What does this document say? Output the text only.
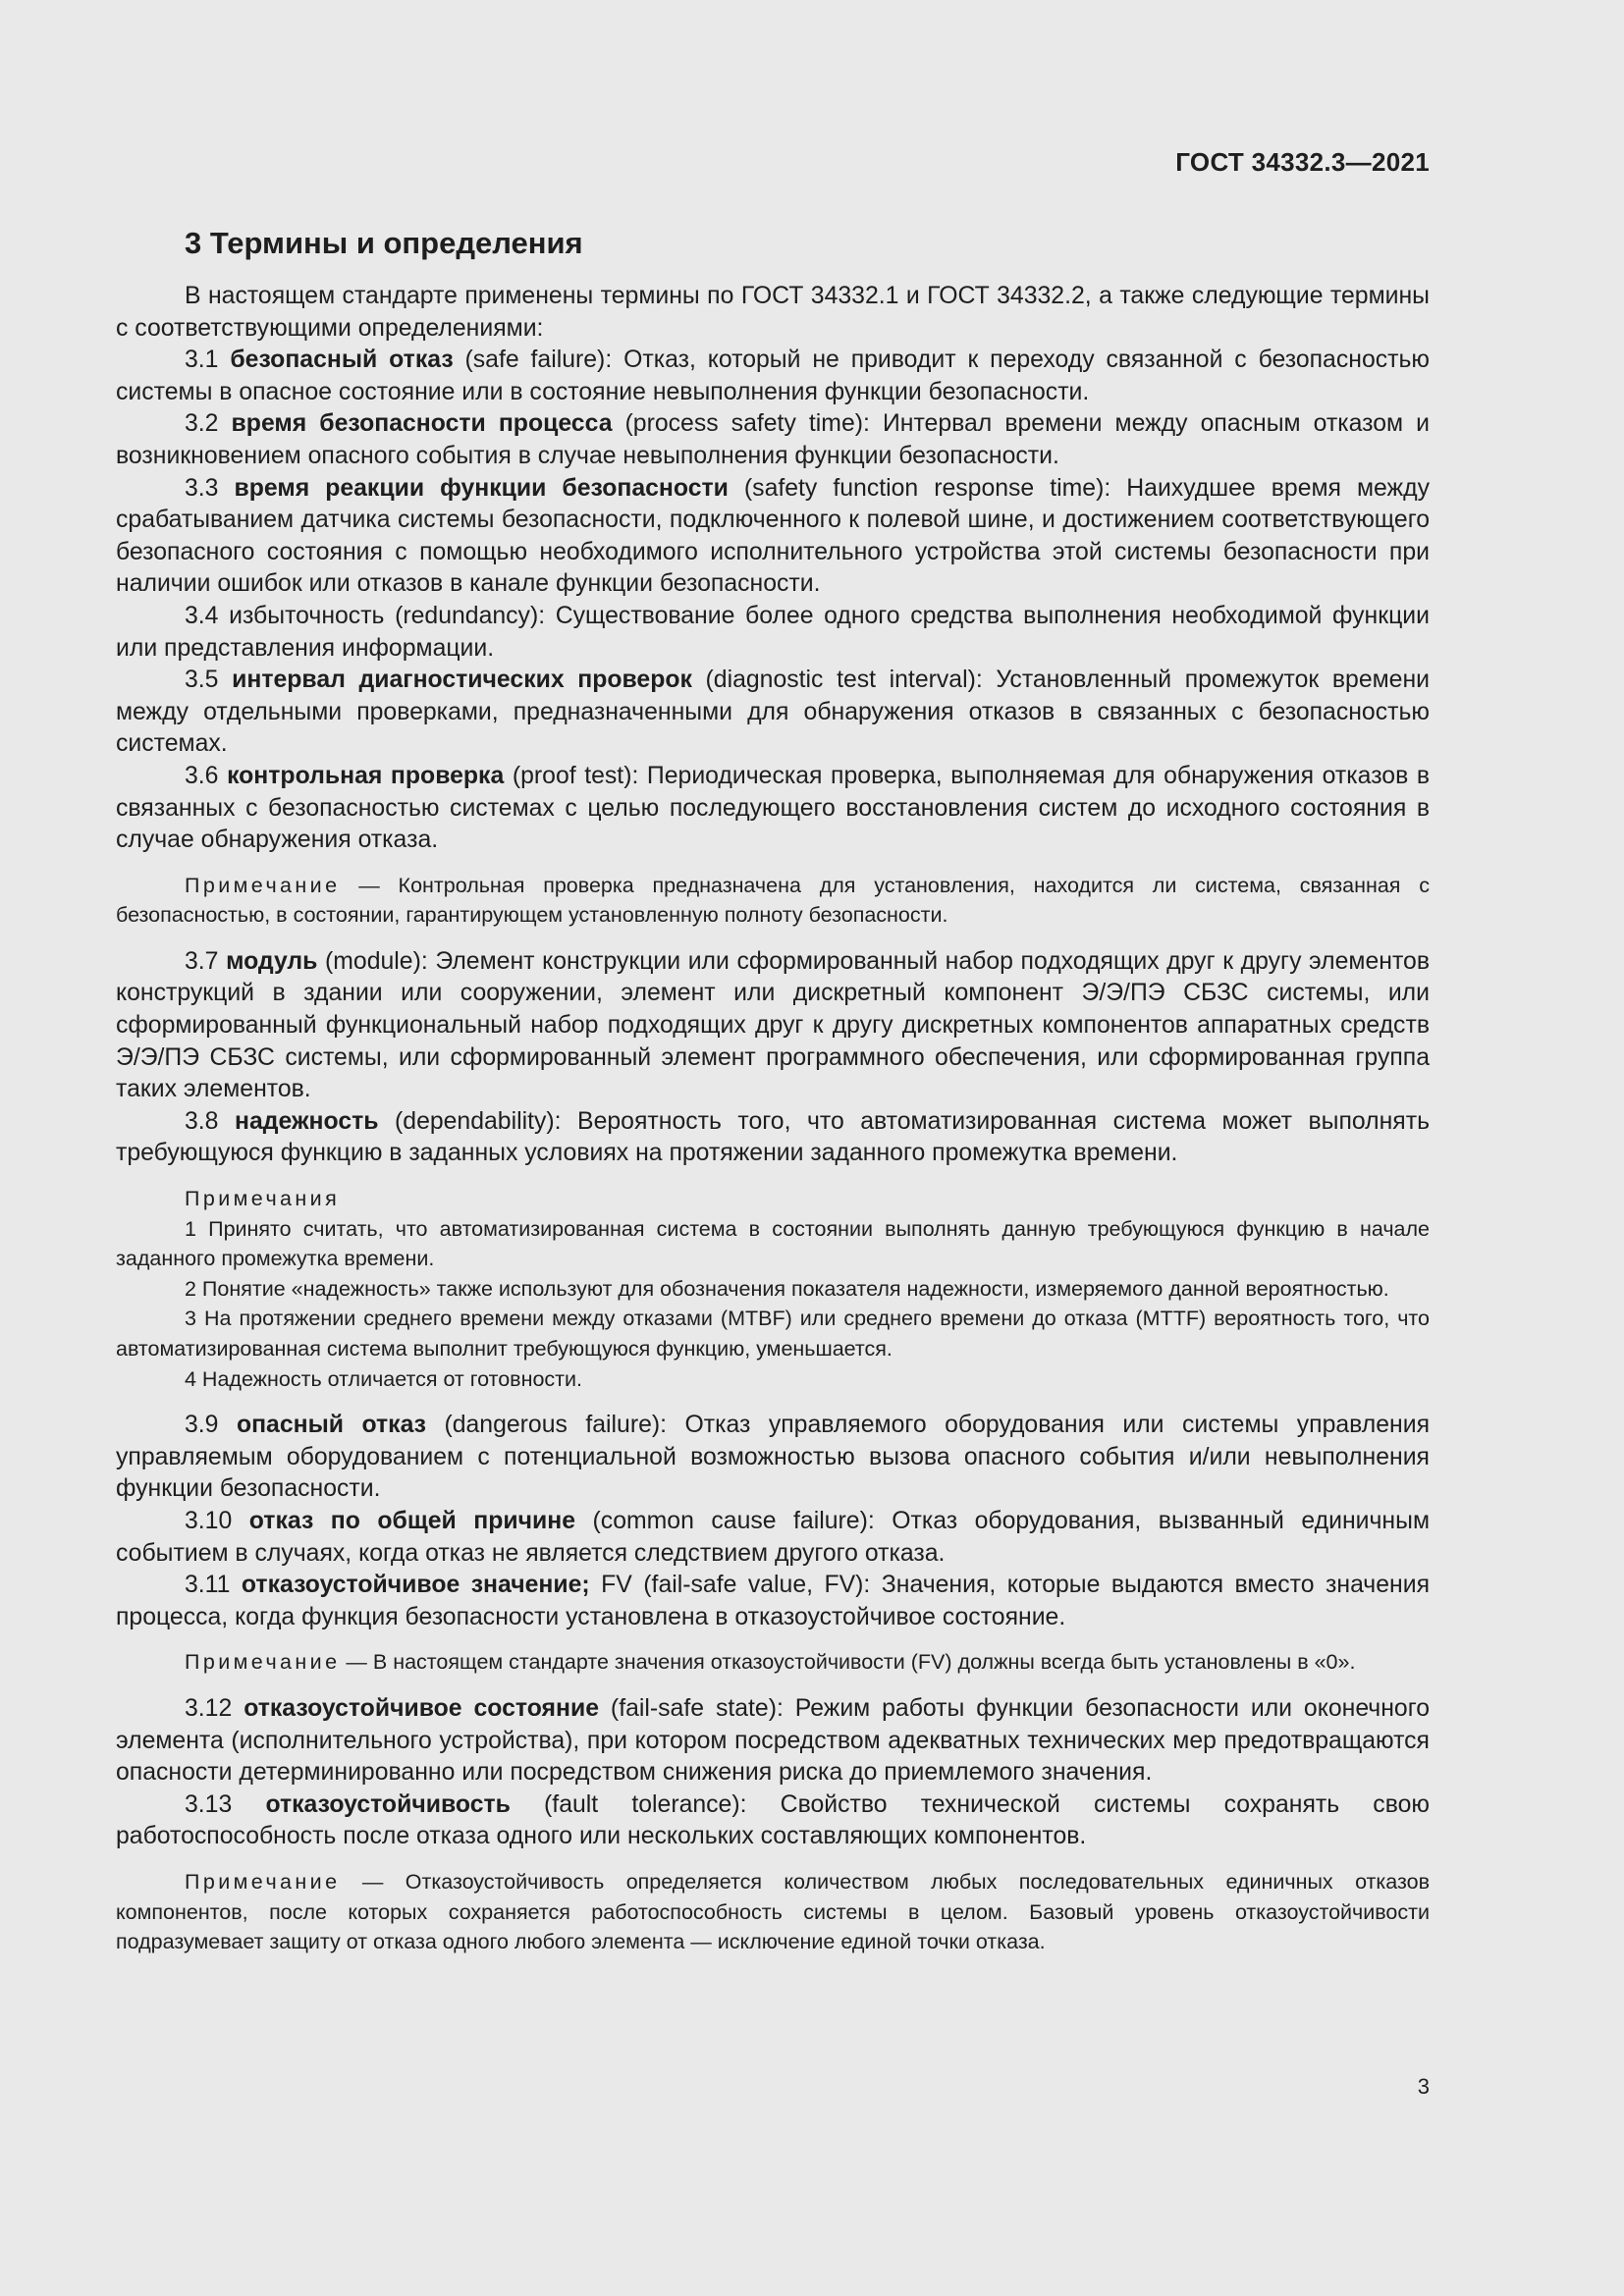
ГОСТ 34332.3—2021
3 Термины и определения

В настоящем стандарте применены термины по ГОСТ 34332.1 и ГОСТ 34332.2, а также следующие термины с соответствующими определениями:

3.1 безопасный отказ (safe failure): Отказ, который не приводит к переходу связанной с безопасностью системы в опасное состояние или в состояние невыполнения функции безопасности.

3.2 время безопасности процесса (process safety time): Интервал времени между опасным отказом и возникновением опасного события в случае невыполнения функции безопасности.

3.3 время реакции функции безопасности (safety function response time): Наихудшее время между срабатыванием датчика системы безопасности, подключенного к полевой шине, и достижением соответствующего безопасного состояния с помощью необходимого исполнительного устройства этой системы безопасности при наличии ошибок или отказов в канале функции безопасности.

3.4 избыточность (redundancy): Существование более одного средства выполнения необходимой функции или представления информации.

3.5 интервал диагностических проверок (diagnostic test interval): Установленный промежуток времени между отдельными проверками, предназначенными для обнаружения отказов в связанных с безопасностью системах.

3.6 контрольная проверка (proof test): Периодическая проверка, выполняемая для обнаружения отказов в связанных с безопасностью системах с целью последующего восстановления систем до исходного состояния в случае обнаружения отказа.

Примечание — Контрольная проверка предназначена для установления, находится ли система, связанная с безопасностью, в состоянии, гарантирующем установленную полноту безопасности.

3.7 модуль (module): Элемент конструкции или сформированный набор подходящих друг к другу элементов конструкций в здании или сооружении, элемент или дискретный компонент Э/Э/ПЭ СБЗС системы, или сформированный функциональный набор подходящих друг к другу дискретных компонентов аппаратных средств Э/Э/ПЭ СБЗС системы, или сформированный элемент программного обеспечения, или сформированная группа таких элементов.

3.8 надежность (dependability): Вероятность того, что автоматизированная система может выполнять требующуюся функцию в заданных условиях на протяжении заданного промежутка времени.

Примечания

1 Принято считать, что автоматизированная система в состоянии выполнять данную требующуюся функцию в начале заданного промежутка времени.

2 Понятие «надежность» также используют для обозначения показателя надежности, измеряемого данной вероятностью.

3 На протяжении среднего времени между отказами (MTBF) или среднего времени до отказа (MTTF) вероятность того, что автоматизированная система выполнит требующуюся функцию, уменьшается.

4 Надежность отличается от готовности.

3.9 опасный отказ (dangerous failure): Отказ управляемого оборудования или системы управления управляемым оборудованием с потенциальной возможностью вызова опасного события и/или невыполнения функции безопасности.

3.10 отказ по общей причине (common cause failure): Отказ оборудования, вызванный единичным событием в случаях, когда отказ не является следствием другого отказа.

3.11 отказоустойчивое значение; FV (fail-safe value, FV): Значения, которые выдаются вместо значения процесса, когда функция безопасности установлена в отказоустойчивое состояние.

Примечание — В настоящем стандарте значения отказоустойчивости (FV) должны всегда быть установлены в «0».

3.12 отказоустойчивое состояние (fail-safe state): Режим работы функции безопасности или оконечного элемента (исполнительного устройства), при котором посредством адекватных технических мер предотвращаются опасности детерминированно или посредством снижения риска до приемлемого значения.

3.13 отказоустойчивость (fault tolerance): Свойство технической системы сохранять свою работоспособность после отказа одного или нескольких составляющих компонентов.

Примечание — Отказоустойчивость определяется количеством любых последовательных единичных отказов компонентов, после которых сохраняется работоспособность системы в целом. Базовый уровень отказоустойчивости подразумевает защиту от отказа одного любого элемента — исключение единой точки отказа.

3
